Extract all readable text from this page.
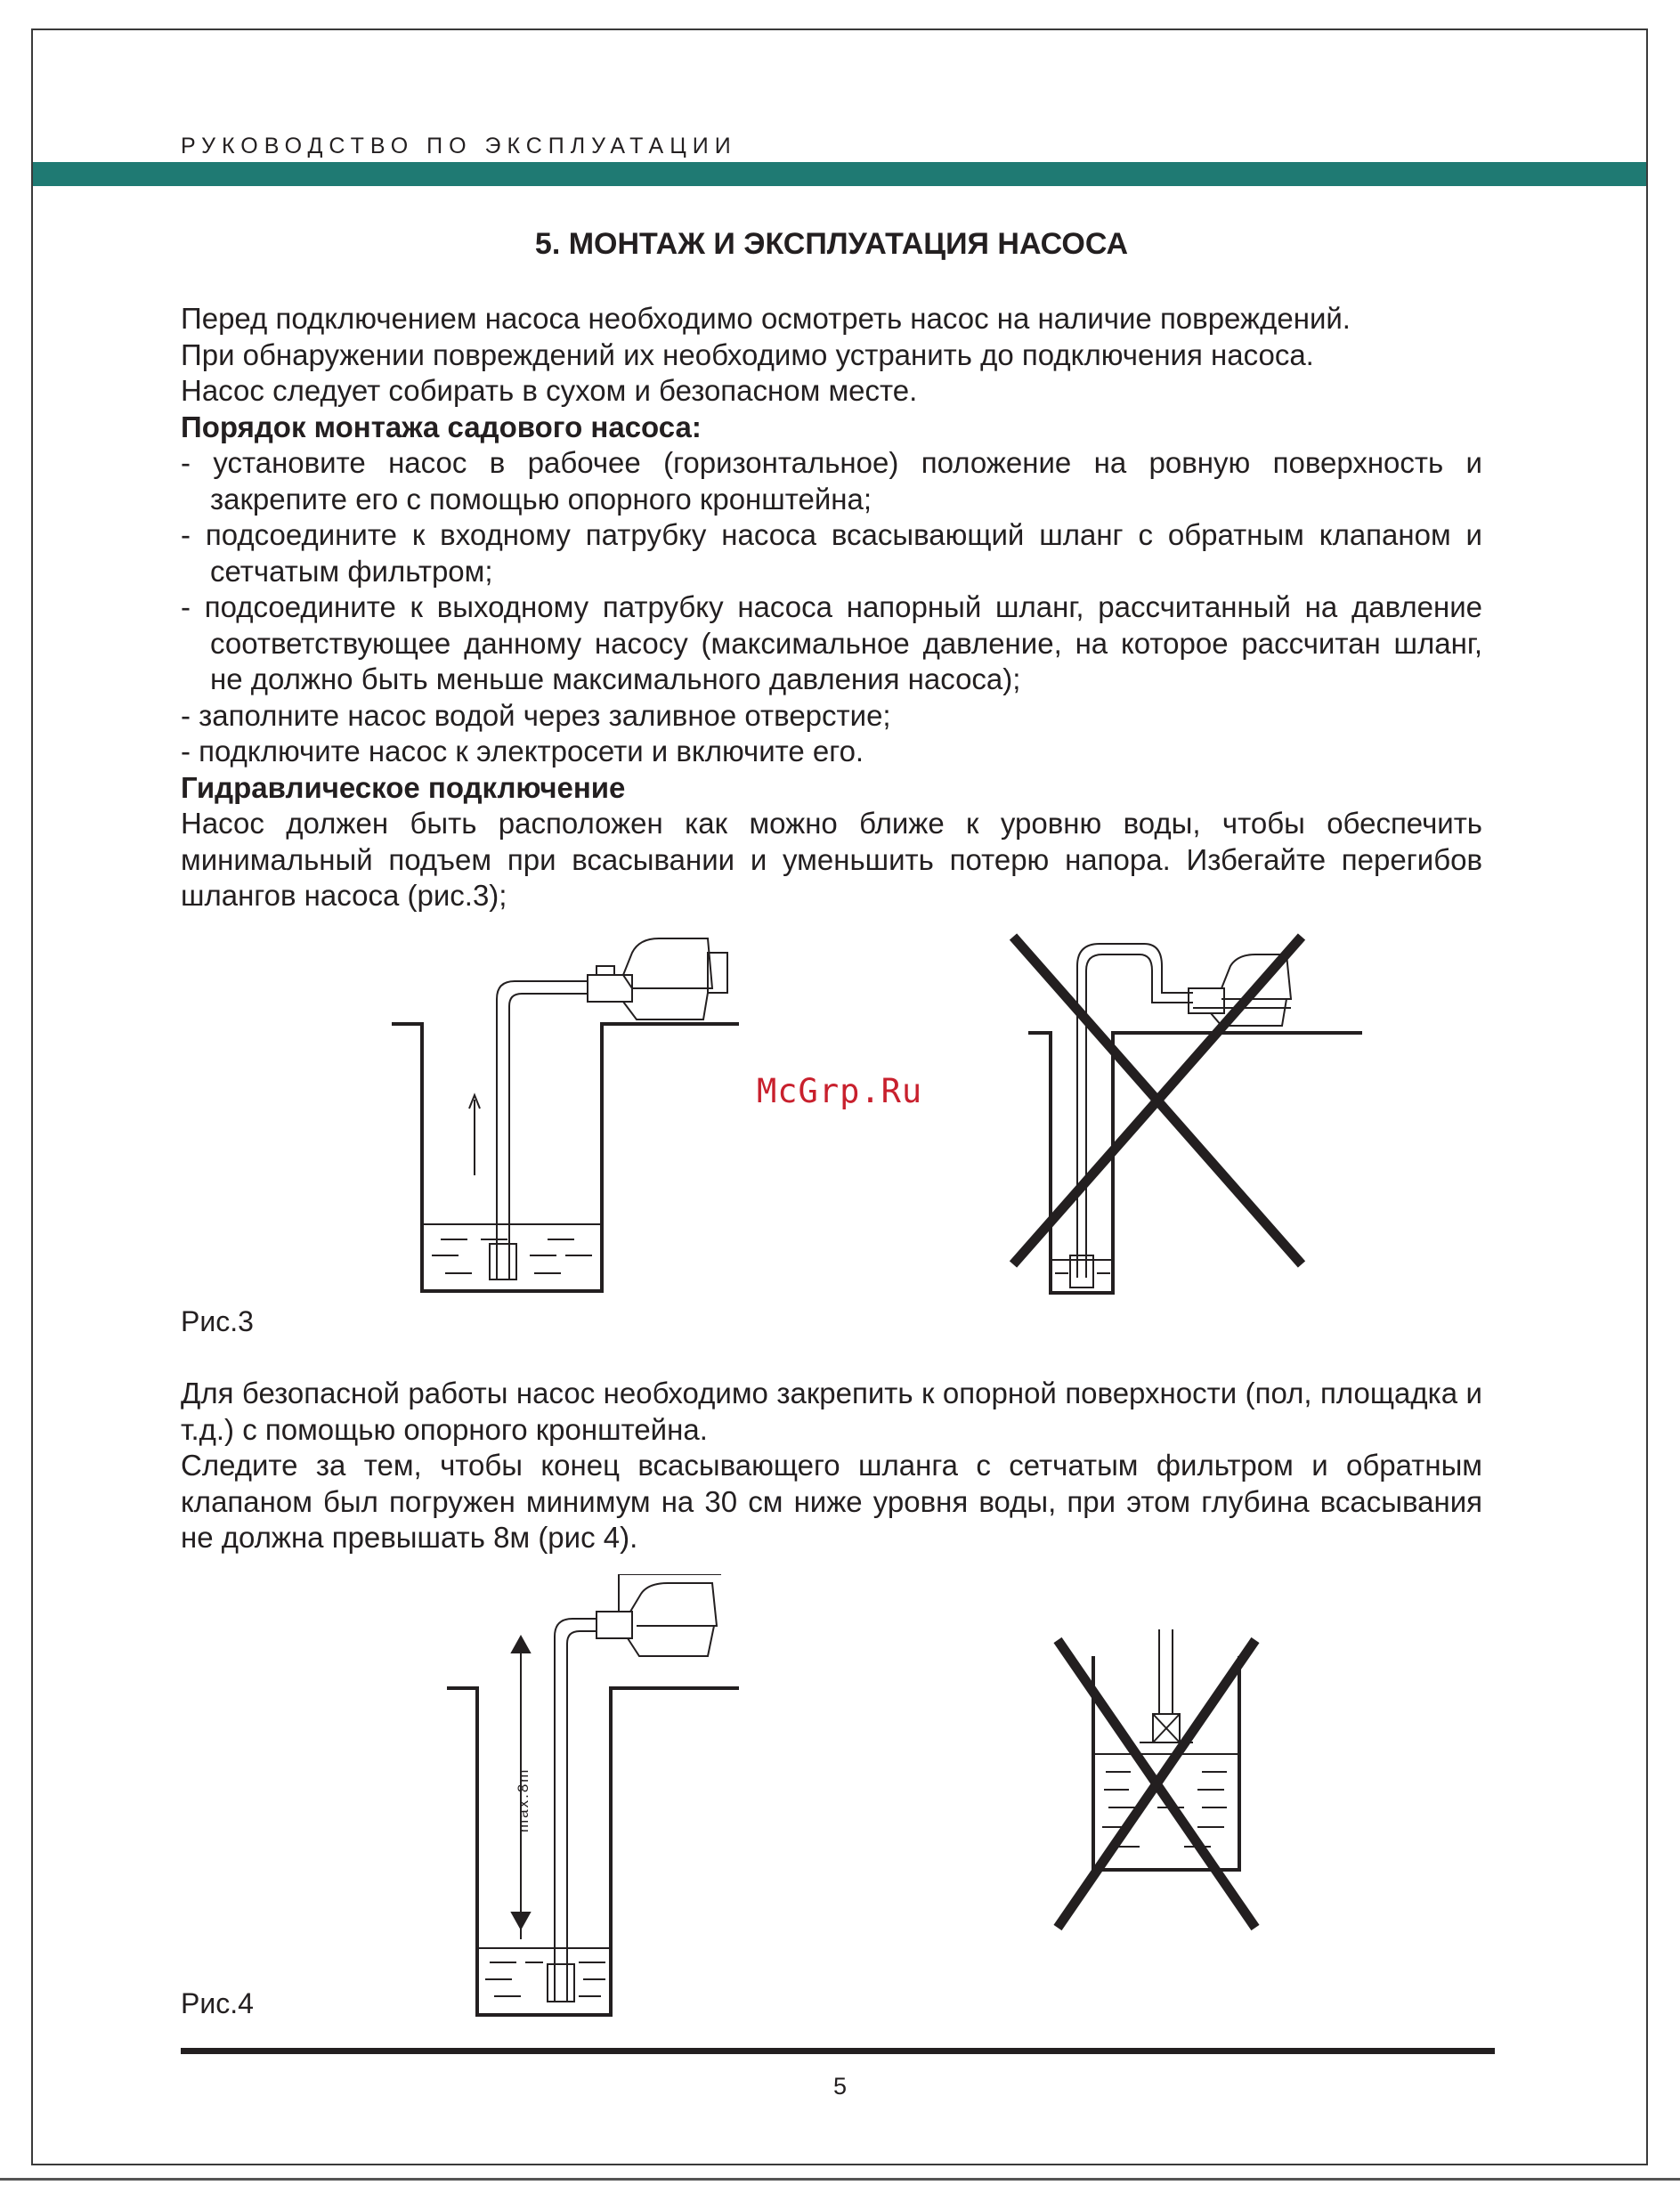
РУКОВОДСТВО ПО ЭКСПЛУАТАЦИИ
5. МОНТАЖ И ЭКСПЛУАТАЦИЯ НАСОСА

Перед подключением насоса необходимо осмотреть насос на наличие повреждений.

При обнаружении повреждений их необходимо устранить до подключения насоса.

Насос следует собирать в сухом и безопасном месте.

Порядок монтажа садового насоса:

- установите насос в рабочее (горизонтальное) положение на ровную поверхность и закрепите его с помощью опорного кронштейна;

- подсоедините к входному патрубку насоса всасывающий шланг с обратным клапаном и сетчатым фильтром;

- подсоедините к выходному патрубку насоса напорный шланг, рассчитанный на давление соответствующее данному насосу (максимальное давление, на которое рассчитан шланг, не должно быть меньше максимального давления насоса);

- заполните насос водой через заливное отверстие;

- подключите насос к электросети и включите его.

Гидравлическое подключение

Насос должен быть расположен как можно ближе к уровню воды, чтобы обеспечить минимальный подъем при всасывании и уменьшить потерю напора. Избегайте перегибов шлангов насоса (рис.3);

McGrp.Ru
Рис.3

Для безопасной работы насос необходимо закрепить к опорной поверхности (пол, площадка и т.д.) с помощью опорного кронштейна.

Следите за тем, чтобы конец всасывающего шланга с сетчатым фильтром и обратным клапаном был погружен минимум на 30 см ниже уровня воды, при этом глубина всасывания не должна превышать 8м (рис 4).

max.8m
Рис.4
5
